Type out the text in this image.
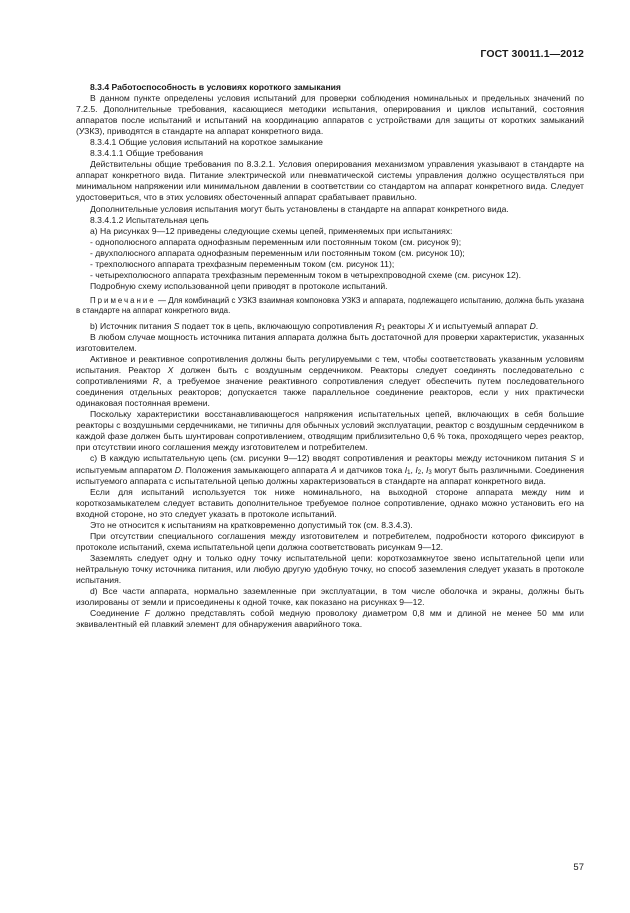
ГОСТ 30011.1—2012

8.3.4 Работоспособность в условиях короткого замыкания

В данном пункте определены условия испытаний для проверки соблюдения номинальных и предельных значений по 7.2.5. Дополнительные требования, касающиеся методики испытания, оперирования и циклов испытаний, состояния аппаратов после испытаний и испытаний на координацию аппаратов с устройствами для защиты от коротких замыканий (УЗКЗ), приводятся в стандарте на аппарат конкретного вида.

8.3.4.1 Общие условия испытаний на короткое замыкание

8.3.4.1.1 Общие требования

Действительны общие требования по 8.3.2.1. Условия оперирования механизмом управления указывают в стандарте на аппарат конкретного вида. Питание электрической или пневматической системы управления должно осуществляться при минимальном напряжении или минимальном давлении в соответствии со стандартом на аппарат конкретного вида. Следует удостовериться, что в этих условиях обесточенный аппарат срабатывает правильно.

Дополнительные условия испытания могут быть установлены в стандарте на аппарат конкретного вида.

8.3.4.1.2 Испытательная цепь

а) На рисунках 9—12 приведены следующие схемы цепей, применяемых при испытаниях:

- однополюсного аппарата однофазным переменным или постоянным током (см. рисунок 9);

- двухполюсного аппарата однофазным переменным или постоянным током (см. рисунок 10);

- трехполюсного аппарата трехфазным переменным током (см. рисунок 11);

- четырехполюсного аппарата трехфазным переменным током в четырехпроводной схеме (см. рисунок 12).

Подробную схему использованной цепи приводят в протоколе испытаний.

Примечание — Для комбинаций с УЗКЗ взаимная компоновка УЗКЗ и аппарата, подлежащего испытанию, должна быть указана в стандарте на аппарат конкретного вида.

b) Источник питания S подает ток в цепь, включающую сопротивления $R_1$ реакторы X и испытуемый аппарат D.

В любом случае мощность источника питания аппарата должна быть достаточной для проверки характеристик, указанных изготовителем.

Активное и реактивное сопротивления должны быть регулируемыми с тем, чтобы соответствовать указанным условиям испытания. Реактор X должен быть с воздушным сердечником. Реакторы следует соединять последовательно с сопротивлениями R, а требуемое значение реактивного сопротивления следует обеспечить путем последовательного соединения отдельных реакторов; допускается также параллельное соединение реакторов, если у них практически одинаковая постоянная времени.

Поскольку характеристики восстанавливающегося напряжения испытательных цепей, включающих в себя большие реакторы с воздушными сердечниками, не типичны для обычных условий эксплуатации, реактор с воздушным сердечником в каждой фазе должен быть шунтирован сопротивлением, отводящим приблизительно 0,6 % тока, проходящего через реактор, при отсутствии иного соглашения между изготовителем и потребителем.

с) В каждую испытательную цепь (см. рисунки 9—12) вводят сопротивления и реакторы между источником питания S и испытуемым аппаратом D. Положения замыкающего аппарата A и датчиков тока $I_1$, $I_2$, $I_3$ могут быть различными. Соединения испытуемого аппарата с испытательной цепью должны характеризоваться в стандарте на аппарат конкретного вида.

Если для испытаний используется ток ниже номинального, на выходной стороне аппарата между ним и короткозамыкателем следует вставить дополнительное требуемое полное сопротивление, однако можно установить его на входной стороне, но это следует указать в протоколе испытаний.

Это не относится к испытаниям на кратковременно допустимый ток (см. 8.3.4.3).

При отсутствии специального соглашения между изготовителем и потребителем, подробности которого фиксируют в протоколе испытаний, схема испытательной цепи должна соответствовать рисункам 9—12.

Заземлять следует одну и только одну точку испытательной цепи: короткозамкнутое звено испытательной цепи или нейтральную точку источника питания, или любую другую удобную точку, но способ заземления следует указать в протоколе испытания.

d) Все части аппарата, нормально заземленные при эксплуатации, в том числе оболочка и экраны, должны быть изолированы от земли и присоединены к одной точке, как показано на рисунках 9—12.

Соединение F должно представлять собой медную проволоку диаметром 0,8 мм и длиной не менее 50 мм или эквивалентный ей плавкий элемент для обнаружения аварийного тока.

57
